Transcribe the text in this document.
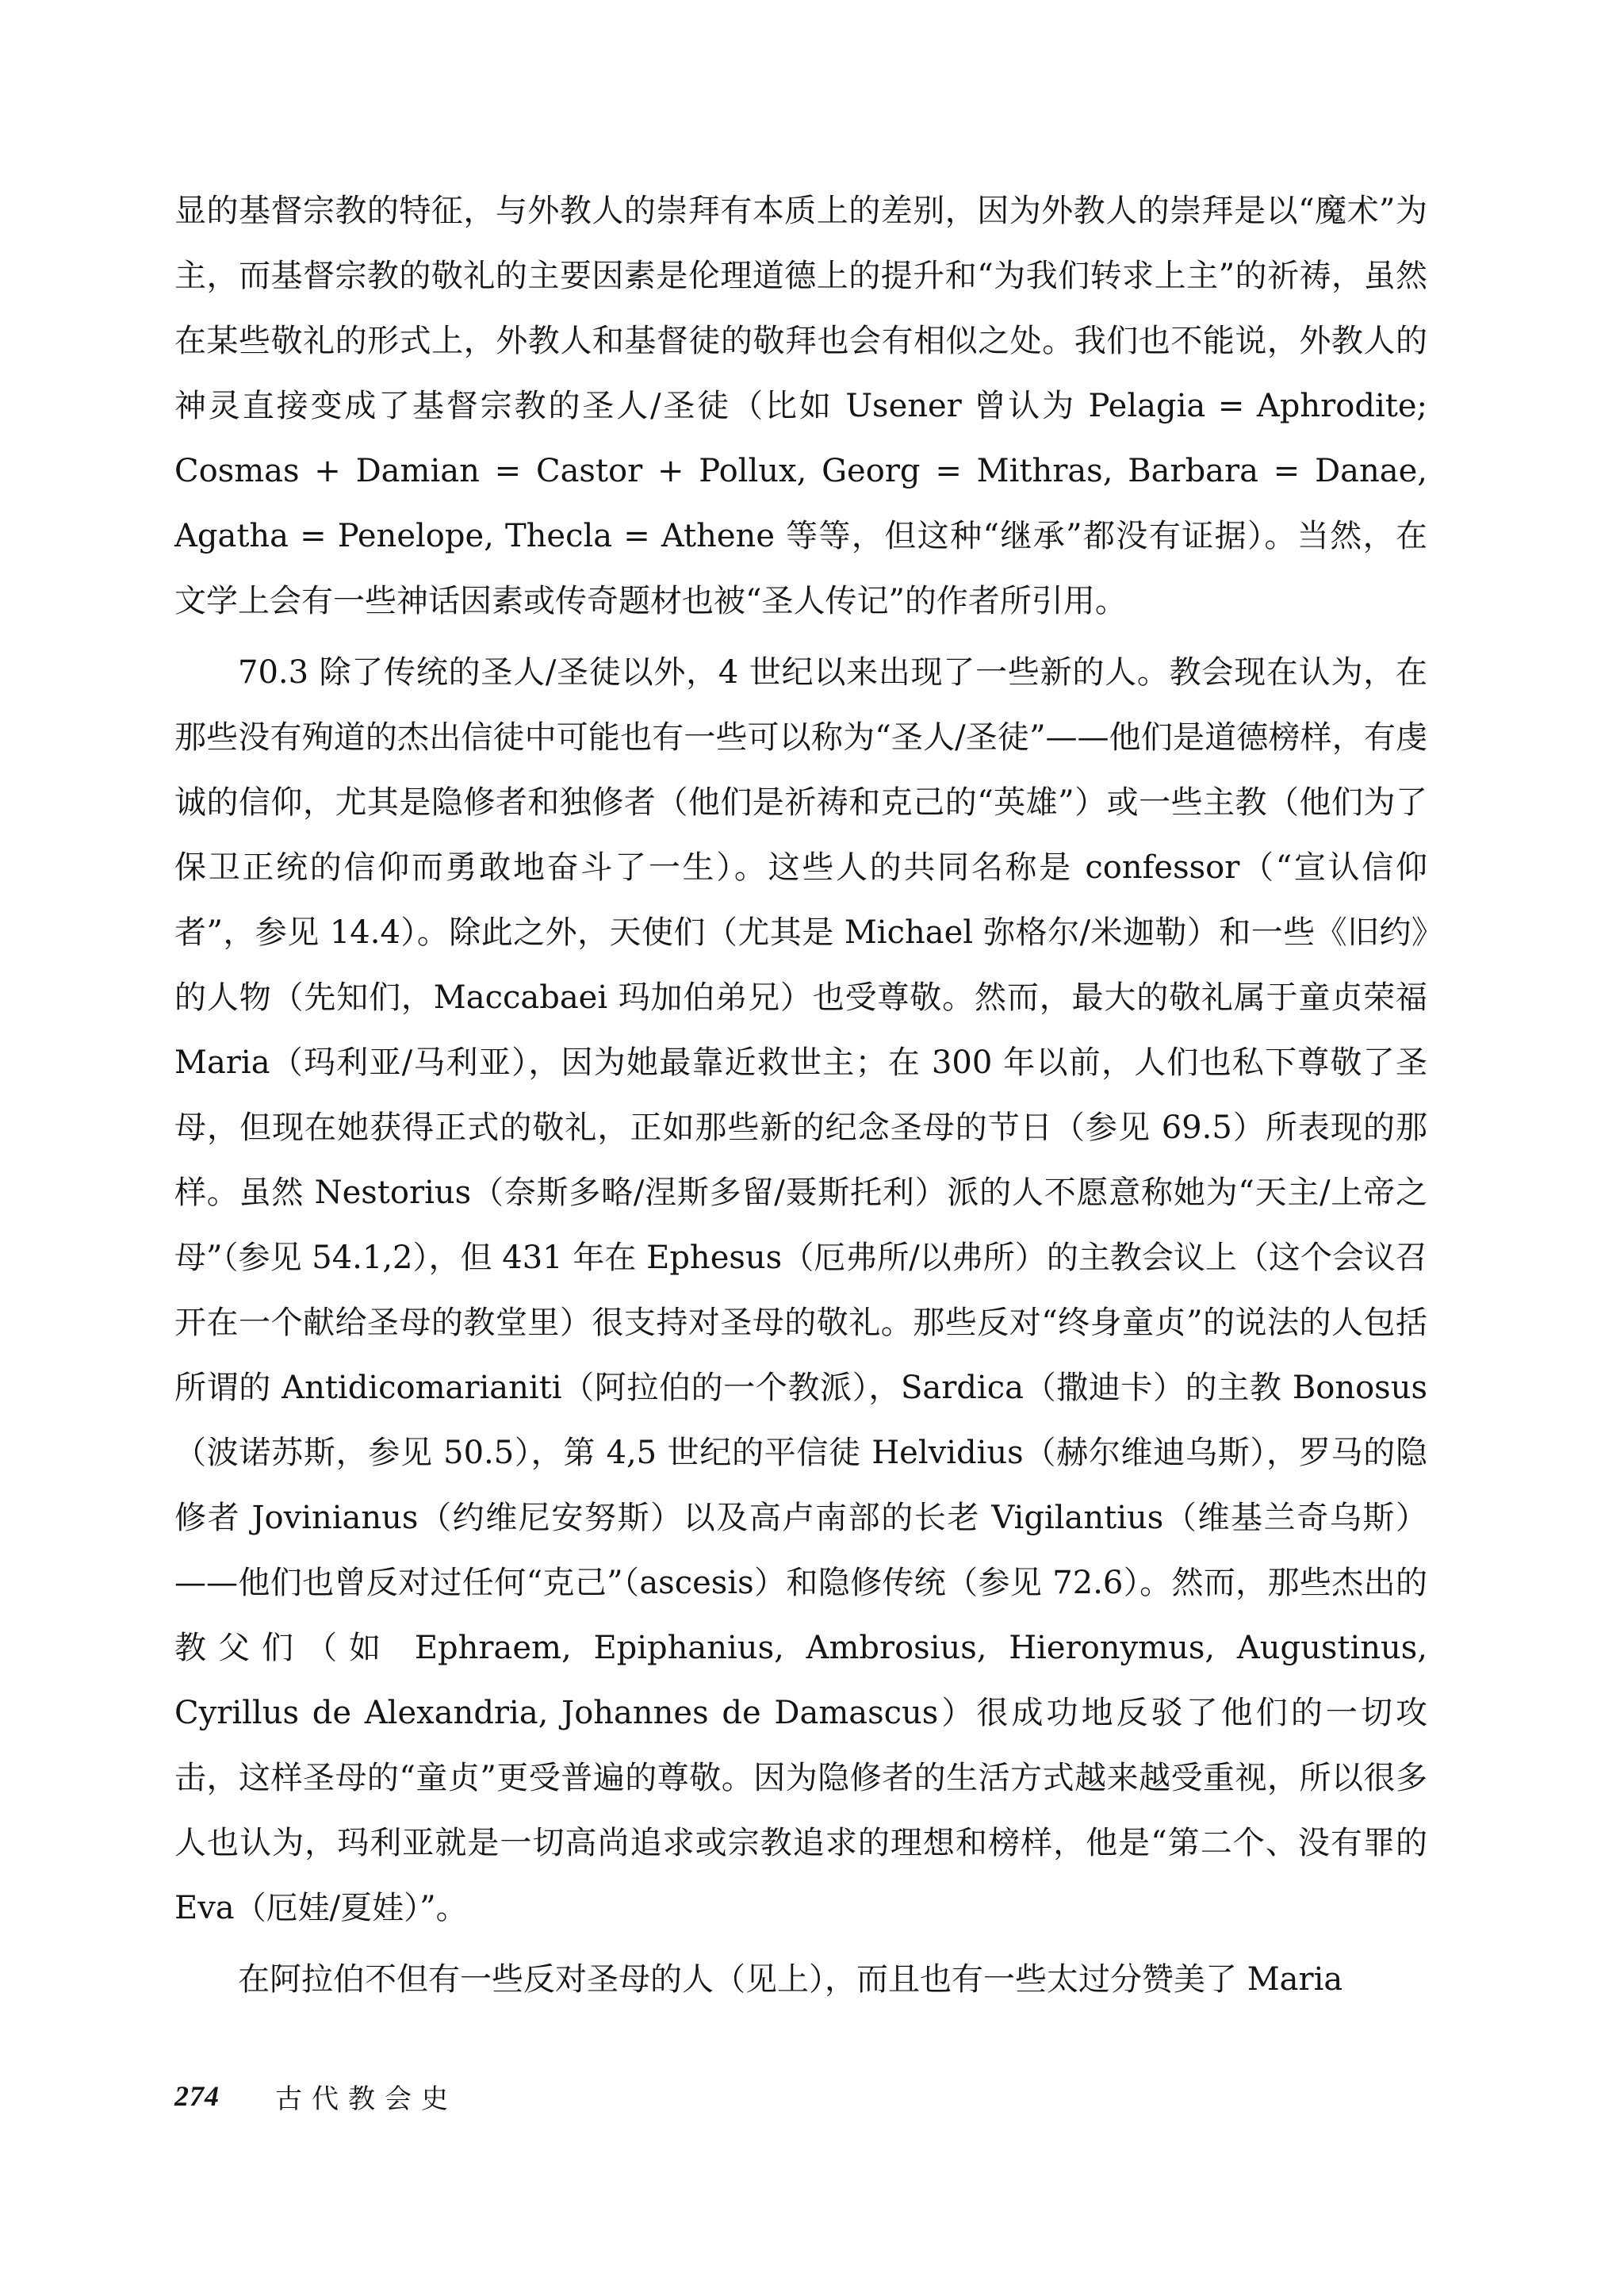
显的基督宗教的特征，与外教人的崇拜有本质上的差别，因为外教人的崇拜是以“魔术”为主，而基督宗教的敬礼的主要因素是伦理道德上的提升和“为我们转求上主”的祈祷，虽然在某些敬礼的形式上，外教人和基督徒的敬拜也会有相似之处。我们也不能说，外教人的神灵直接变成了基督宗教的圣人/圣徒（比如 Usener 曾认为 Pelagia = Aphrodite; Cosmas + Damian = Castor + Pollux, Georg = Mithras, Barbara = Danae, Agatha = Penelope, Thecla = Athene 等等，但这种“继承”都没有证据）。当然，在文学上会有一些神话因素或传奇题材也被“圣人传记”的作者所引用。

70.3 除了传统的圣人/圣徒以外，4 世纪以来出现了一些新的人。教会现在认为，在那些没有殉道的杰出信徒中可能也有一些可以称为“圣人/圣徒”——他们是道德榜样，有虔诚的信仰，尤其是隐修者和独修者（他们是祈祷和克己的“英雄”）或一些主教（他们为了保卫正统的信仰而勇敢地奋斗了一生）。这些人的共同名称是 confessor（“宣认信仰者”，参见 14.4）。除此之外，天使们（尤其是 Michael 弥格尔/米迦勒）和一些《旧约》的人物（先知们，Maccabaei 玛加伯弟兄）也受尊敬。然而，最大的敬礼属于童贞荣福 Maria（玛利亚/马利亚），因为她最靠近救世主；在 300 年以前，人们也私下尊敬了圣母，但现在她获得正式的敬礼，正如那些新的纪念圣母的节日（参见 69.5）所表现的那样。虽然 Nestorius（奈斯多略/涅斯多留/聂斯托利）派的人不愿意称她为“天主/上帝之母”（参见 54.1,2），但 431 年在 Ephesus（厄弗所/以弗所）的主教会议上（这个会议召开在一个献给圣母的教堂里）很支持对圣母的敬礼。那些反对“终身童贞”的说法的人包括所谓的 Antidicomarianiti（阿拉伯的一个教派），Sardica（撒迪卡）的主教 Bonosus（波诺苏斯，参见 50.5），第 4,5 世纪的平信徒 Helvidius（赫尔维迪乌斯），罗马的隐修者 Jovinianus（约维尼安努斯）以及高卢南部的长老 Vigilantius（维基兰奇乌斯）——他们也曾反对过任何“克己”（ascesis）和隐修传统（参见 72.6）。然而，那些杰出的教父们（如 Ephraem, Epiphanius, Ambrosius, Hieronymus, Augustinus, Cyrillus de Alexandria, Johannes de Damascus）很成功地反驳了他们的一切攻击，这样圣母的“童贞”更受普遍的尊敬。因为隐修者的生活方式越来越受重视，所以很多人也认为，玛利亚就是一切高尚追求或宗教追求的理想和榜样，他是“第二个、没有罪的 Eva（厄娃/夏娃）”。

在阿拉伯不但有一些反对圣母的人（见上），而且也有一些太过分赞美了 Maria

274 古代教会史
